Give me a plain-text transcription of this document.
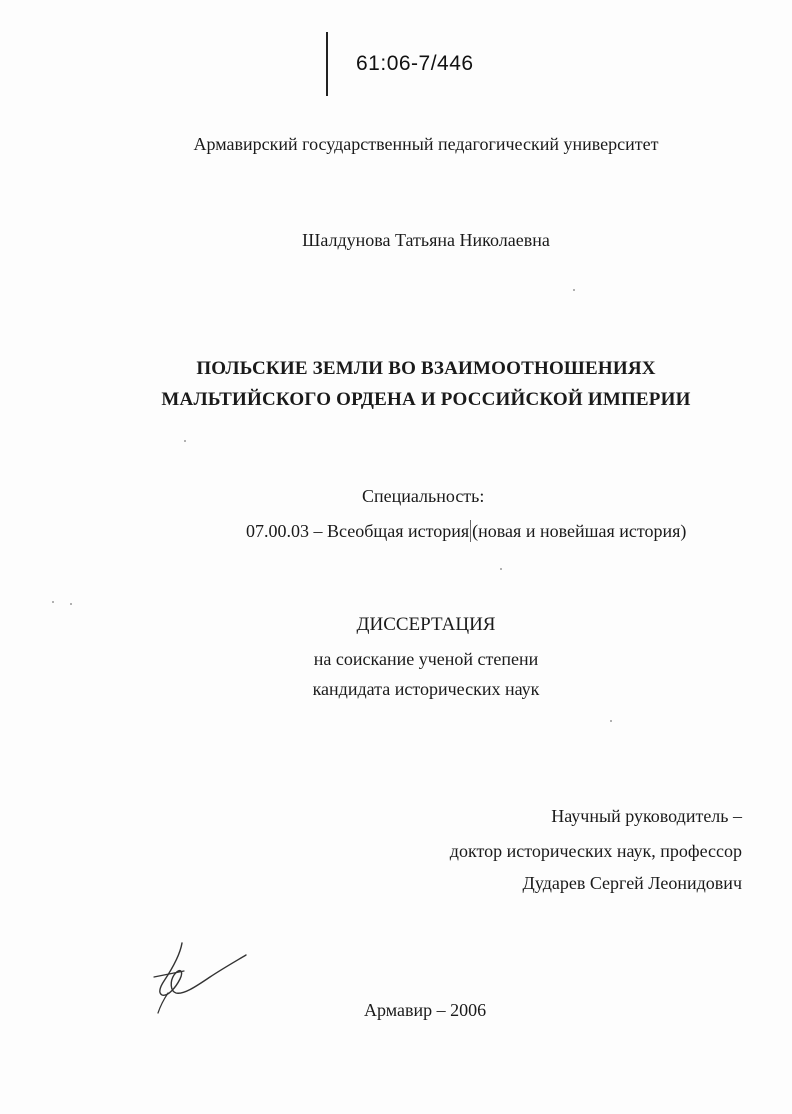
61:06-7/446

Армавирский государственный педагогический университет

Шалдунова Татьяна Николаевна

ПОЛЬСКИЕ ЗЕМЛИ ВО ВЗАИМООТНОШЕНИЯХ

МАЛЬТИЙСКОГО ОРДЕНА И РОССИЙСКОЙ ИМПЕРИИ

Специальность:

07.00.03 – Всеобщая история (новая и новейшая история)

ДИССЕРТАЦИЯ

на соискание ученой степени

кандидата исторических наук

Научный руководитель –

доктор исторических наук, профессор

Дударев Сергей Леонидович

Армавир – 2006
